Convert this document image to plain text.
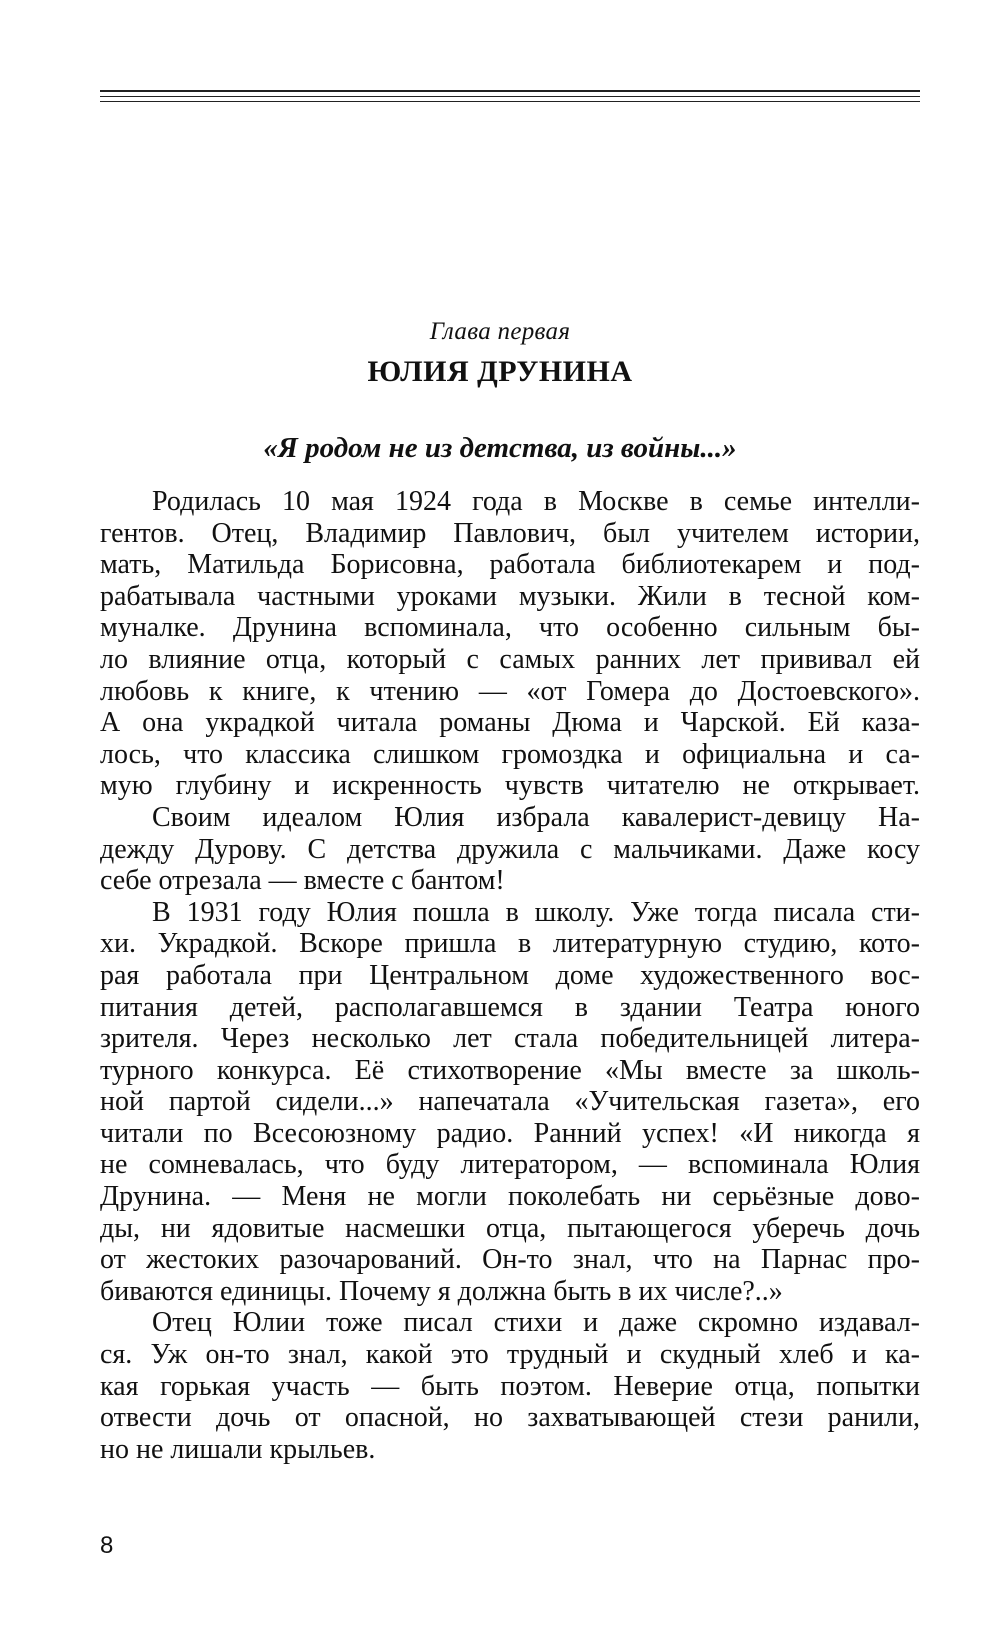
Глава первая
ЮЛИЯ ДРУНИНА
«Я родом не из детства, из войны...»
Родилась 10 мая 1924 года в Москве в семье интелли-
гентов. Отец, Владимир Павлович, был учителем истории,
мать, Матильда Борисовна, работала библиотекарем и под-
рабатывала частными уроками музыки. Жили в тесной ком-
муналке. Друнина вспоминала, что особенно сильным бы-
ло влияние отца, который с самых ранних лет прививал ей
любовь к книге, к чтению — «от Гомера до Достоевского».
А она украдкой читала романы Дюма и Чарской. Ей каза-
лось, что классика слишком громоздка и официальна и са-
мую глубину и искренность чувств читателю не открывает.
Своим идеалом Юлия избрала кавалерист-девицу На-
дежду Дурову. С детства дружила с мальчиками. Даже косу
себе отрезала — вместе с бантом!
В 1931 году Юлия пошла в школу. Уже тогда писала сти-
хи. Украдкой. Вскоре пришла в литературную студию, кото-
рая работала при Центральном доме художественного вос-
питания детей, располагавшемся в здании Театра юного
зрителя. Через несколько лет стала победительницей литера-
турного конкурса. Её стихотворение «Мы вместе за школь-
ной партой сидели...» напечатала «Учительская газета», его
читали по Всесоюзному радио. Ранний успех! «И никогда я
не сомневалась, что буду литератором, — вспоминала Юлия
Друнина. — Меня не могли поколебать ни серьёзные дово-
ды, ни ядовитые насмешки отца, пытающегося уберечь дочь
от жестоких разочарований. Он-то знал, что на Парнас про-
биваются единицы. Почему я должна быть в их числе?..»
Отец Юлии тоже писал стихи и даже скромно издавал-
ся. Уж он-то знал, какой это трудный и скудный хлеб и ка-
кая горькая участь — быть поэтом. Неверие отца, попытки
отвести дочь от опасной, но захватывающей стези ранили,
но не лишали крыльев.
8
